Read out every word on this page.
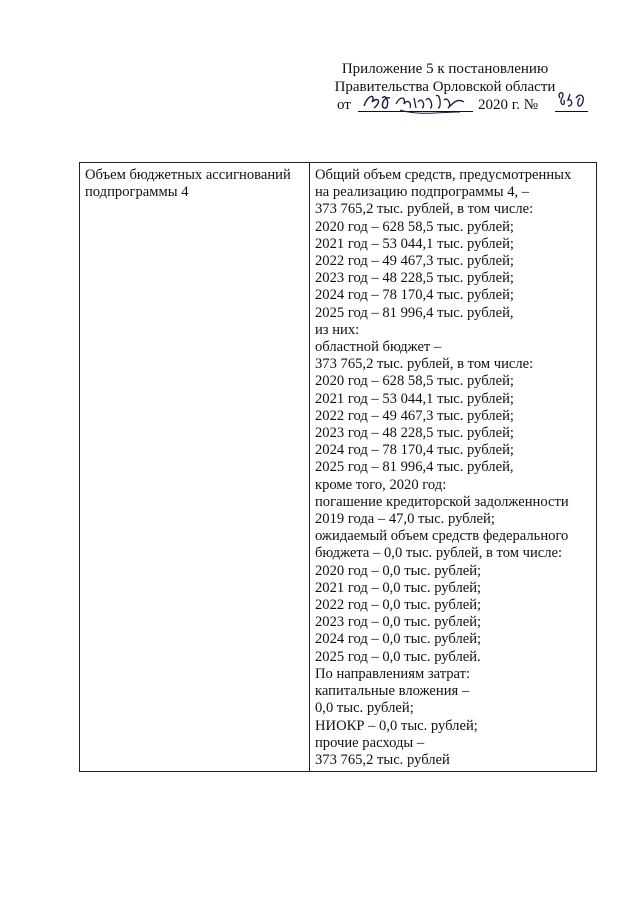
Приложение 5 к постановлению
Правительства Орловской области
от	2020 г. №
Объем бюджетных ассигнований подпрограммы 4	
Общий объем средств, предусмотренных
на реализацию подпрограммы 4, –
373 765,2 тыс. рублей, в том числе:
2020 год – 628 58,5 тыс. рублей;
2021 год – 53 044,1 тыс. рублей;
2022 год – 49 467,3 тыс. рублей;
2023 год – 48 228,5 тыс. рублей;
2024 год – 78 170,4 тыс. рублей;
2025 год – 81 996,4 тыс. рублей,
из них:
областной бюджет –
373 765,2 тыс. рублей, в том числе:
2020 год – 628 58,5 тыс. рублей;
2021 год – 53 044,1 тыс. рублей;
2022 год – 49 467,3 тыс. рублей;
2023 год – 48 228,5 тыс. рублей;
2024 год – 78 170,4 тыс. рублей;
2025 год – 81 996,4 тыс. рублей,
кроме того, 2020 год:
погашение кредиторской задолженности
2019 года – 47,0 тыс. рублей;
ожидаемый объем средств федерального
бюджета – 0,0 тыс. рублей, в том числе:
2020 год – 0,0 тыс. рублей;
2021 год – 0,0 тыс. рублей;
2022 год – 0,0 тыс. рублей;
2023 год – 0,0 тыс. рублей;
2024 год – 0,0 тыс. рублей;
2025 год – 0,0 тыс. рублей.
По направлениям затрат:
капитальные вложения –
0,0 тыс. рублей;
НИОКР – 0,0 тыс. рублей;
прочие расходы –
373 765,2 тыс. рублей
